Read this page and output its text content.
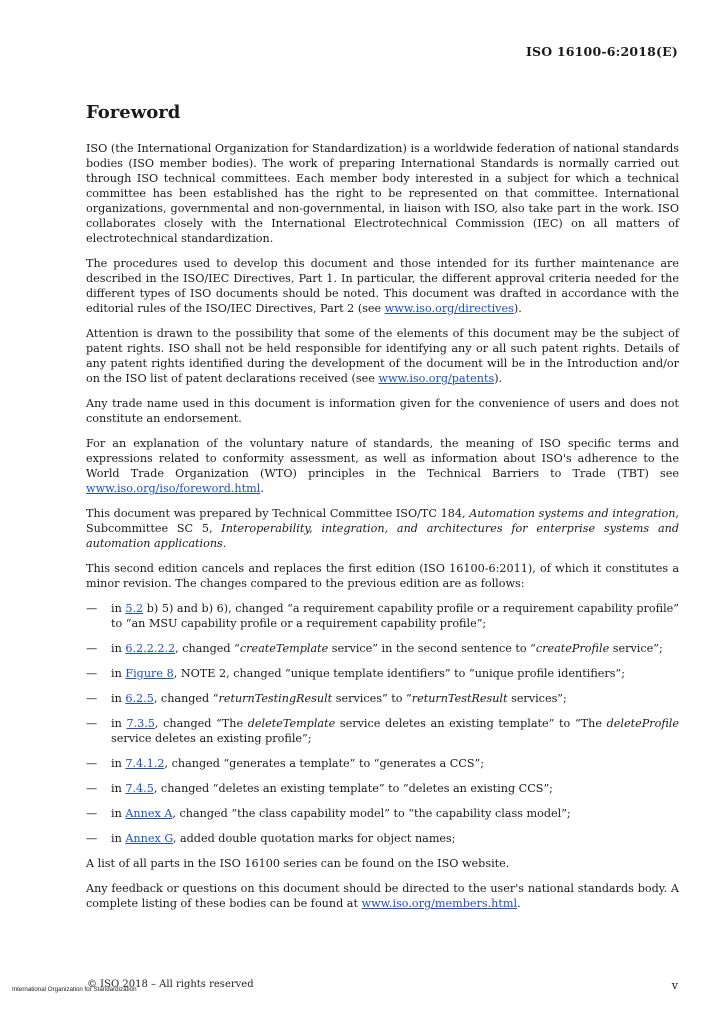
ISO 16100-6:2018(E)
Foreword

ISO (the International Organization for Standardization) is a worldwide federation of national standards bodies (ISO member bodies). The work of preparing International Standards is normally carried out through ISO technical committees. Each member body interested in a subject for which a technical committee has been established has the right to be represented on that committee. International organizations, governmental and non-governmental, in liaison with ISO, also take part in the work. ISO collaborates closely with the International Electrotechnical Commission (IEC) on all matters of electrotechnical standardization.

The procedures used to develop this document and those intended for its further maintenance are described in the ISO/IEC Directives, Part 1. In particular, the different approval criteria needed for the different types of ISO documents should be noted. This document was drafted in accordance with the editorial rules of the ISO/IEC Directives, Part 2 (see www.iso.org/directives).

Attention is drawn to the possibility that some of the elements of this document may be the subject of patent rights. ISO shall not be held responsible for identifying any or all such patent rights. Details of any patent rights identified during the development of the document will be in the Introduction and/or on the ISO list of patent declarations received (see www.iso.org/patents).

Any trade name used in this document is information given for the convenience of users and does not constitute an endorsement.

For an explanation of the voluntary nature of standards, the meaning of ISO specific terms and expressions related to conformity assessment, as well as information about ISO's adherence to the World Trade Organization (WTO) principles in the Technical Barriers to Trade (TBT) see www.iso.org/iso/foreword.html.

This document was prepared by Technical Committee ISO/TC 184, Automation systems and integration, Subcommittee SC 5, Interoperability, integration, and architectures for enterprise systems and automation applications.

This second edition cancels and replaces the first edition (ISO 16100-6:2011), of which it constitutes a minor revision. The changes compared to the previous edition are as follows:

— in 5.2 b) 5) and b) 6), changed “a requirement capability profile or a requirement capability profile” to “an MSU capability profile or a requirement capability profile”;
— in 6.2.2.2.2, changed “createTemplate service” in the second sentence to “createProfile service”;
— in Figure 8, NOTE 2, changed “unique template identifiers” to “unique profile identifiers”;
— in 6.2.5, changed “returnTestingResult services” to “returnTestResult services”;
— in 7.3.5, changed “The deleteTemplate service deletes an existing template” to “The deleteProfile service deletes an existing profile”;
— in 7.4.1.2, changed “generates a template” to “generates a CCS”;
— in 7.4.5, changed “deletes an existing template” to “deletes an existing CCS”;
— in Annex A, changed “the class capability model” to “the capability class model”;
— in Annex G, added double quotation marks for object names;

A list of all parts in the ISO 16100 series can be found on the ISO website.

Any feedback or questions on this document should be directed to the user's national standards body. A complete listing of these bodies can be found at www.iso.org/members.html.

International Organization for Standardization
© ISO 2018 – All rights reserved	v
